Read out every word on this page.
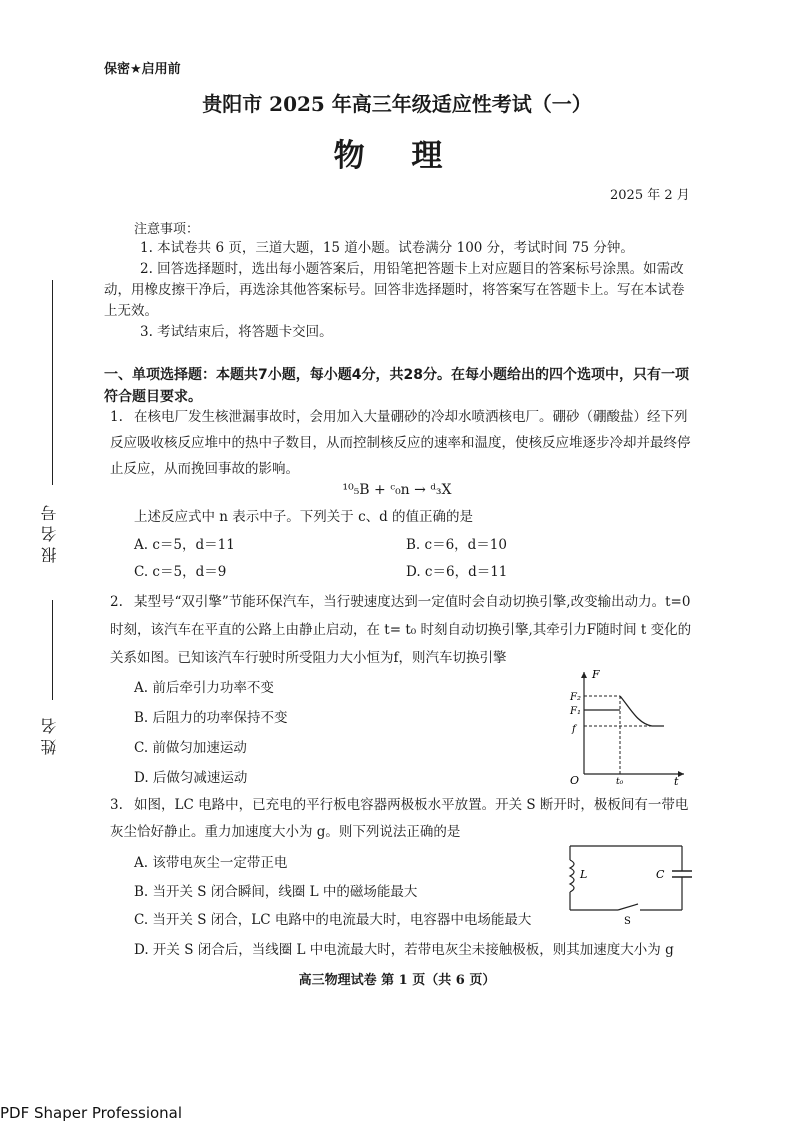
保密★启用前
贵阳市 2025 年高三年级适应性考试（一）
物 理
2025 年 2 月
报 名 号
姓 名
注意事项：

1. 本试卷共 6 页，三道大题，15 道小题。试卷满分 100 分，考试时间 75 分钟。

2. 回答选择题时，选出每小题答案后，用铅笔把答题卡上对应题目的答案标号涂黑。如需改动，用橡皮擦干净后，再选涂其他答案标号。回答非选择题时，将答案写在答题卡上。写在本试卷上无效。

3. 考试结束后，将答题卡交回。

一、单项选择题：本题共7小题，每小题4分，共28分。在每小题给出的四个选项中，只有一项符合题目要求。
1. 在核电厂发生核泄漏事故时，会用加入大量硼砂的冷却水喷洒核电厂。硼砂（硼酸盐）经下列反应吸收核反应堆中的热中子数目，从而控制核反应的速率和温度，使核反应堆逐步冷却并最终停止反应，从而挽回事故的影响。
¹⁰₅B + ᶜ₀n → ᵈ₃X
上述反应式中 n 表示中子。下列关于 c、d 的值正确的是
A. c＝5，d＝11	B. c＝6，d＝10
C. c＝5，d＝9	D. c＝6，d＝11
2. 某型号“双引擎”节能环保汽车，当行驶速度达到一定值时会自动切换引擎,改变输出动力。t=0 时刻，该汽车在平直的公路上由静止启动，在 t= t₀ 时刻自动切换引擎,其牵引力F随时间 t 变化的关系如图。已知该汽车行驶时所受阻力大小恒为f，则汽车切换引擎
A. 前后牵引力功率不变
B. 后阻力的功率保持不变
C. 前做匀加速运动
D. 后做匀减速运动
F
t
O
F₂
F₁
f
t₀
3. 如图，LC 电路中，已充电的平行板电容器两极板水平放置。开关 S 断开时，极板间有一带电灰尘恰好静止。重力加速度大小为 g。则下列说法正确的是
A. 该带电灰尘一定带正电
B. 当开关 S 闭合瞬间，线圈 L 中的磁场能最大
C. 当开关 S 闭合，LC 电路中的电流最大时，电容器中电场能最大
D. 开关 S 闭合后，当线圈 L 中电流最大时，若带电灰尘未接触极板，则其加速度大小为 g
L	C
S
高三物理试卷 第 1 页（共 6 页）
PDF Shaper Professional
